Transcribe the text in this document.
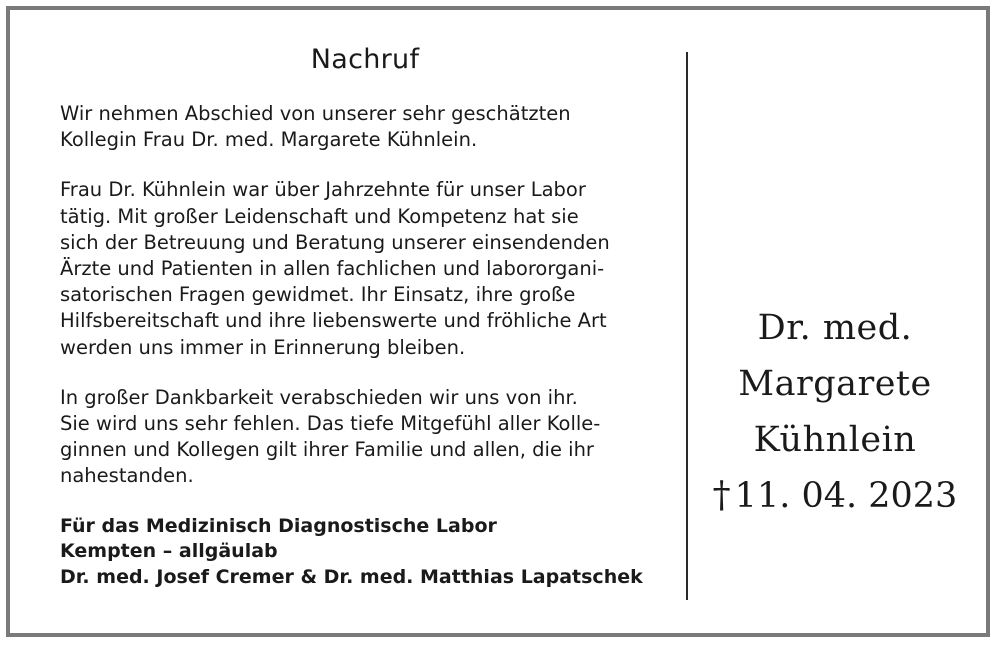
Nachruf
Wir nehmen Abschied von unserer sehr geschätzten
Kollegin Frau Dr. med. Margarete Kühnlein.
Frau Dr. Kühnlein war über Jahrzehnte für unser Labor
tätig. Mit großer Leidenschaft und Kompetenz hat sie
sich der Betreuung und Beratung unserer einsendenden
Ärzte und Patienten in allen fachlichen und labororgani-
satorischen Fragen gewidmet. Ihr Einsatz, ihre große
Hilfsbereitschaft und ihre liebenswerte und fröhliche Art
werden uns immer in Erinnerung bleiben.
In großer Dankbarkeit verabschieden wir uns von ihr.
Sie wird uns sehr fehlen. Das tiefe Mitgefühl aller Kolle-
ginnen und Kollegen gilt ihrer Familie und allen, die ihr
nahestanden.
Für das Medizinisch Diagnostische Labor
Kempten – allgäulab
Dr. med. Josef Cremer & Dr. med. Matthias Lapatschek
Dr. med.
Margarete
Kühnlein
† 11. 04. 2023
